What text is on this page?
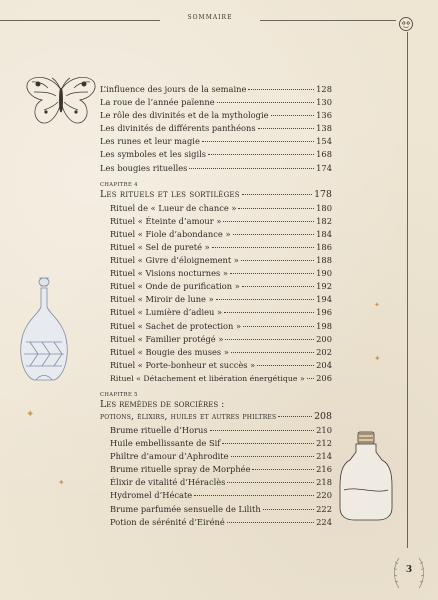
SOMMAIRE
✦
✦
✦
✦
3
L’influence des jours de la semaine	128
La roue de l’année païenne	130
Le rôle des divinités et de la mythologie	136
Les divinités de différents panthéons	138
Les runes et leur magie	154
Les symboles et les sigils	168
Les bougies rituelles	174
CHAPITRE 4
Les rituels et les sortilèges	178
Rituel de « Lueur de chance »	180
Rituel « Éteinte d’amour »	182
Rituel « Fiole d’abondance »	184
Rituel « Sel de pureté »	186
Rituel « Givre d’éloignement »	188
Rituel « Visions nocturnes »	190
Rituel « Onde de purification »	192
Rituel « Miroir de lune »	194
Rituel « Lumière d’adieu »	196
Rituel « Sachet de protection »	198
Rituel « Familier protégé »	200
Rituel « Bougie des muses »	202
Rituel « Porte-bonheur et succès »	204
Rituel « Détachement et libération énergétique » 206
CHAPITRE 5
Les remèdes de sorcières :
potions, élixirs, huiles et autres philtres	208
Brume rituelle d’Horus	210
Huile embellissante de Sif	212
Philtre d’amour d’Aphrodite	214
Brume rituelle spray de Morphée	216
Élixir de vitalité d’Héraclès	218
Hydromel d’Hécate	220
Brume parfumée sensuelle de Lilith	222
Potion de sérénité d’Eiréné	224
